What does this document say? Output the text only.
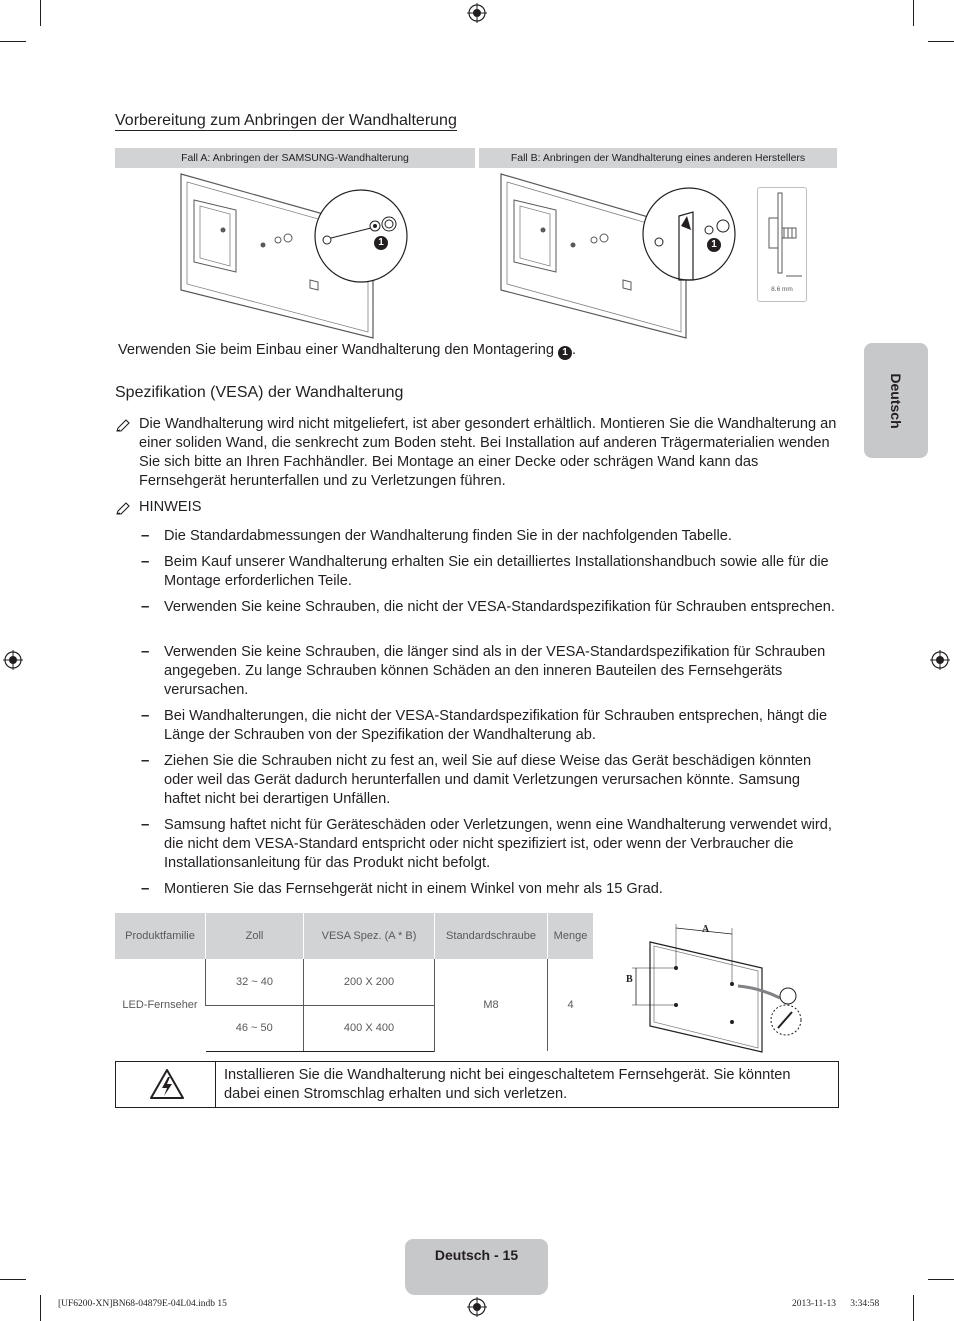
Vorbereitung zum Anbringen der Wandhalterung
Fall A: Anbringen der SAMSUNG-Wandhalterung	Fall B: Anbringen der Wandhalterung eines anderen Herstellers
1	1
8.6 mm
Verwenden Sie beim Einbau einer Wandhalterung den Montagering 1 .
Deutsch
Spezifikation (VESA) der Wandhalterung
Die Wandhalterung wird nicht mitgeliefert, ist aber gesondert erhältlich. Montieren Sie die Wandhalterung an einer soliden Wand, die senkrecht zum Boden steht. Bei Installation auf anderen Trägermaterialien wenden Sie sich bitte an Ihren Fachhändler. Bei Montage an einer Decke oder schrägen Wand kann das Fernsehgerät herunterfallen und zu Verletzungen führen.
HINWEIS
– Die Standardabmessungen der Wandhalterung finden Sie in der nachfolgenden Tabelle.
– Beim Kauf unserer Wandhalterung erhalten Sie ein detailliertes Installationshandbuch sowie alle für die Montage erforderlichen Teile.
– Verwenden Sie keine Schrauben, die nicht der VESA-Standardspezifikation für Schrauben entsprechen.
– Verwenden Sie keine Schrauben, die länger sind als in der VESA-Standardspezifikation für Schrauben angegeben. Zu lange Schrauben können Schäden an den inneren Bauteilen des Fernsehgeräts verursachen.
– Bei Wandhalterungen, die nicht der VESA-Standardspezifikation für Schrauben entsprechen, hängt die Länge der Schrauben von der Spezifikation der Wandhalterung ab.
– Ziehen Sie die Schrauben nicht zu fest an, weil Sie auf diese Weise das Gerät beschädigen könnten oder weil das Gerät dadurch herunterfallen und damit Verletzungen verursachen könnte. Samsung haftet nicht bei derartigen Unfällen.
– Samsung haftet nicht für Geräteschäden oder Verletzungen, wenn eine Wandhalterung verwendet wird, die nicht dem VESA-Standard entspricht oder nicht spezifiziert ist, oder wenn der Verbraucher die Installationsanleitung für das Produkt nicht befolgt.
– Montieren Sie das Fernsehgerät nicht in einem Winkel von mehr als 15 Grad.
Produktfamilie	Zoll	VESA Spez. (A * B)	Standardschraube	Menge
LED-Fernseher	32 ~ 40	200 X 200	M8	4
	46 ~ 50	400 X 400		
A
B
Installieren Sie die Wandhalterung nicht bei eingeschaltetem Fernsehgerät. Sie könnten dabei einen Stromschlag erhalten und sich verletzen.
Deutsch - 15
[UF6200-XN]BN68-04879E-04L04.indb 15	2013-11-13     3:34:58
